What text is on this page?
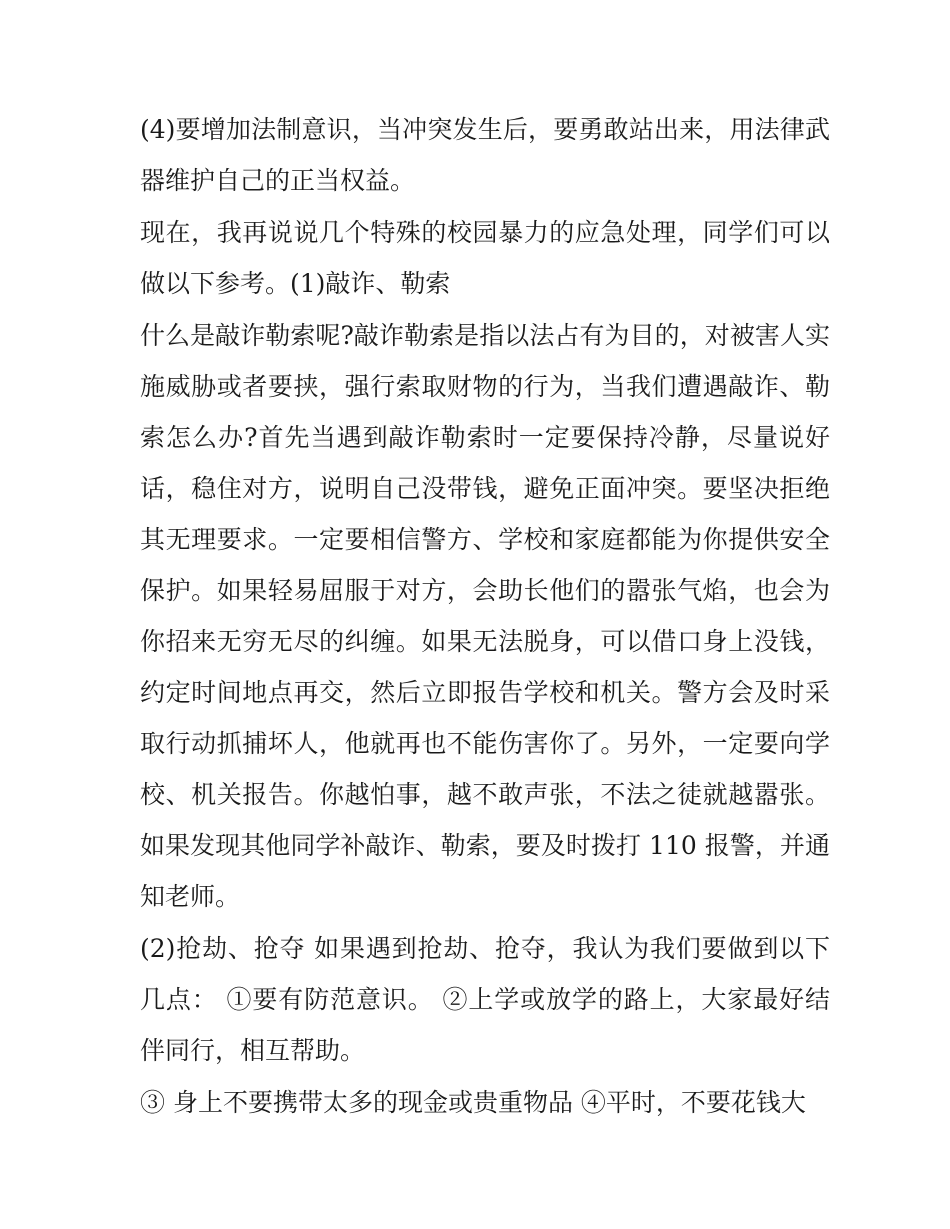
(4)要增加法制意识，当冲突发生后，要勇敢站出来，用法律武器维护自己的正当权益。

现在，我再说说几个特殊的校园暴力的应急处理，同学们可以做以下参考。(1)敲诈、勒索

什么是敲诈勒索呢?敲诈勒索是指以法占有为目的，对被害人实施威胁或者要挟，强行索取财物的行为，当我们遭遇敲诈、勒索怎么办?首先当遇到敲诈勒索时一定要保持冷静，尽量说好话，稳住对方，说明自己没带钱，避免正面冲突。要坚决拒绝其无理要求。一定要相信警方、学校和家庭都能为你提供安全保护。如果轻易屈服于对方，会助长他们的嚣张气焰，也会为你招来无穷无尽的纠缠。如果无法脱身，可以借口身上没钱，约定时间地点再交，然后立即报告学校和机关。警方会及时采取行动抓捕坏人，他就再也不能伤害你了。另外，一定要向学校、机关报告。你越怕事，越不敢声张，不法之徒就越嚣张。如果发现其他同学补敲诈、勒索，要及时拨打 110 报警，并通知老师。

(2)抢劫、抢夺 如果遇到抢劫、抢夺，我认为我们要做到以下几点： ①要有防范意识。 ②上学或放学的路上，大家最好结伴同行，相互帮助。

③ 身上不要携带太多的现金或贵重物品 ④平时，不要花钱大
